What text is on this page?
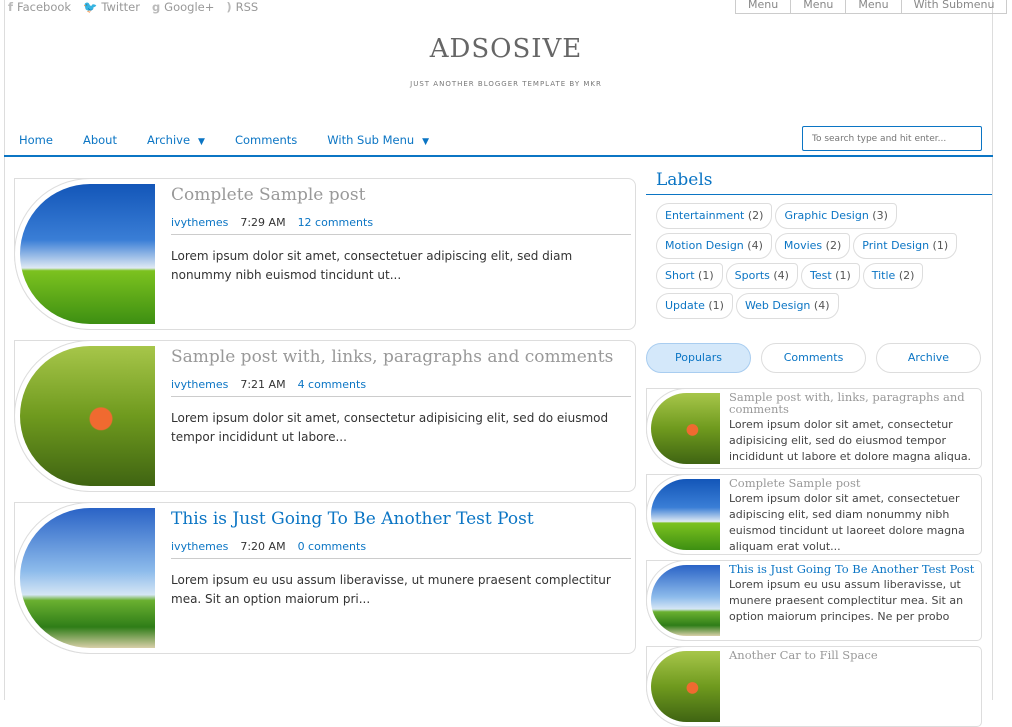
f Facebook 🐦 Twitter g Google+ ) RSS	Menu	Menu	Menu	With Submenu
ADSOSIVE
JUST ANOTHER BLOGGER TEMPLATE BY MKR
Home	About	Archive ▼	Comments	With Sub Menu ▼
To search type and hit enter...
Complete Sample post
ivythemes 7:29 AM 12 comments
Lorem ipsum dolor sit amet, consectetuer adipiscing elit, sed diam nonummy nibh euismod tincidunt ut...
Sample post with, links, paragraphs and comments
ivythemes 7:21 AM 4 comments
Lorem ipsum dolor sit amet, consectetur adipisicing elit, sed do eiusmod tempor incididunt ut labore...
This is Just Going To Be Another Test Post
ivythemes 7:20 AM 0 comments
Lorem ipsum eu usu assum liberavisse, ut munere praesent complectitur mea. Sit an option maiorum pri...
Labels
Entertainment (2)	Graphic Design (3)
Motion Design (4)	Movies (2)	Print Design (1)
Short (1)	Sports (4)	Test (1)	Title (2)
Update (1)	Web Design (4)
Populars	Comments	Archive
Sample post with, links, paragraphs and comments
Lorem ipsum dolor sit amet, consectetur adipisicing elit, sed do eiusmod tempor incididunt ut labore et dolore magna aliqua.
Complete Sample post
Lorem ipsum dolor sit amet, consectetuer adipiscing elit, sed diam nonummy nibh euismod tincidunt ut laoreet dolore magna aliquam erat volut...
This is Just Going To Be Another Test Post
Lorem ipsum eu usu assum liberavisse, ut munere praesent complectitur mea. Sit an option maiorum principes. Ne per probo
Another Car to Fill Space
